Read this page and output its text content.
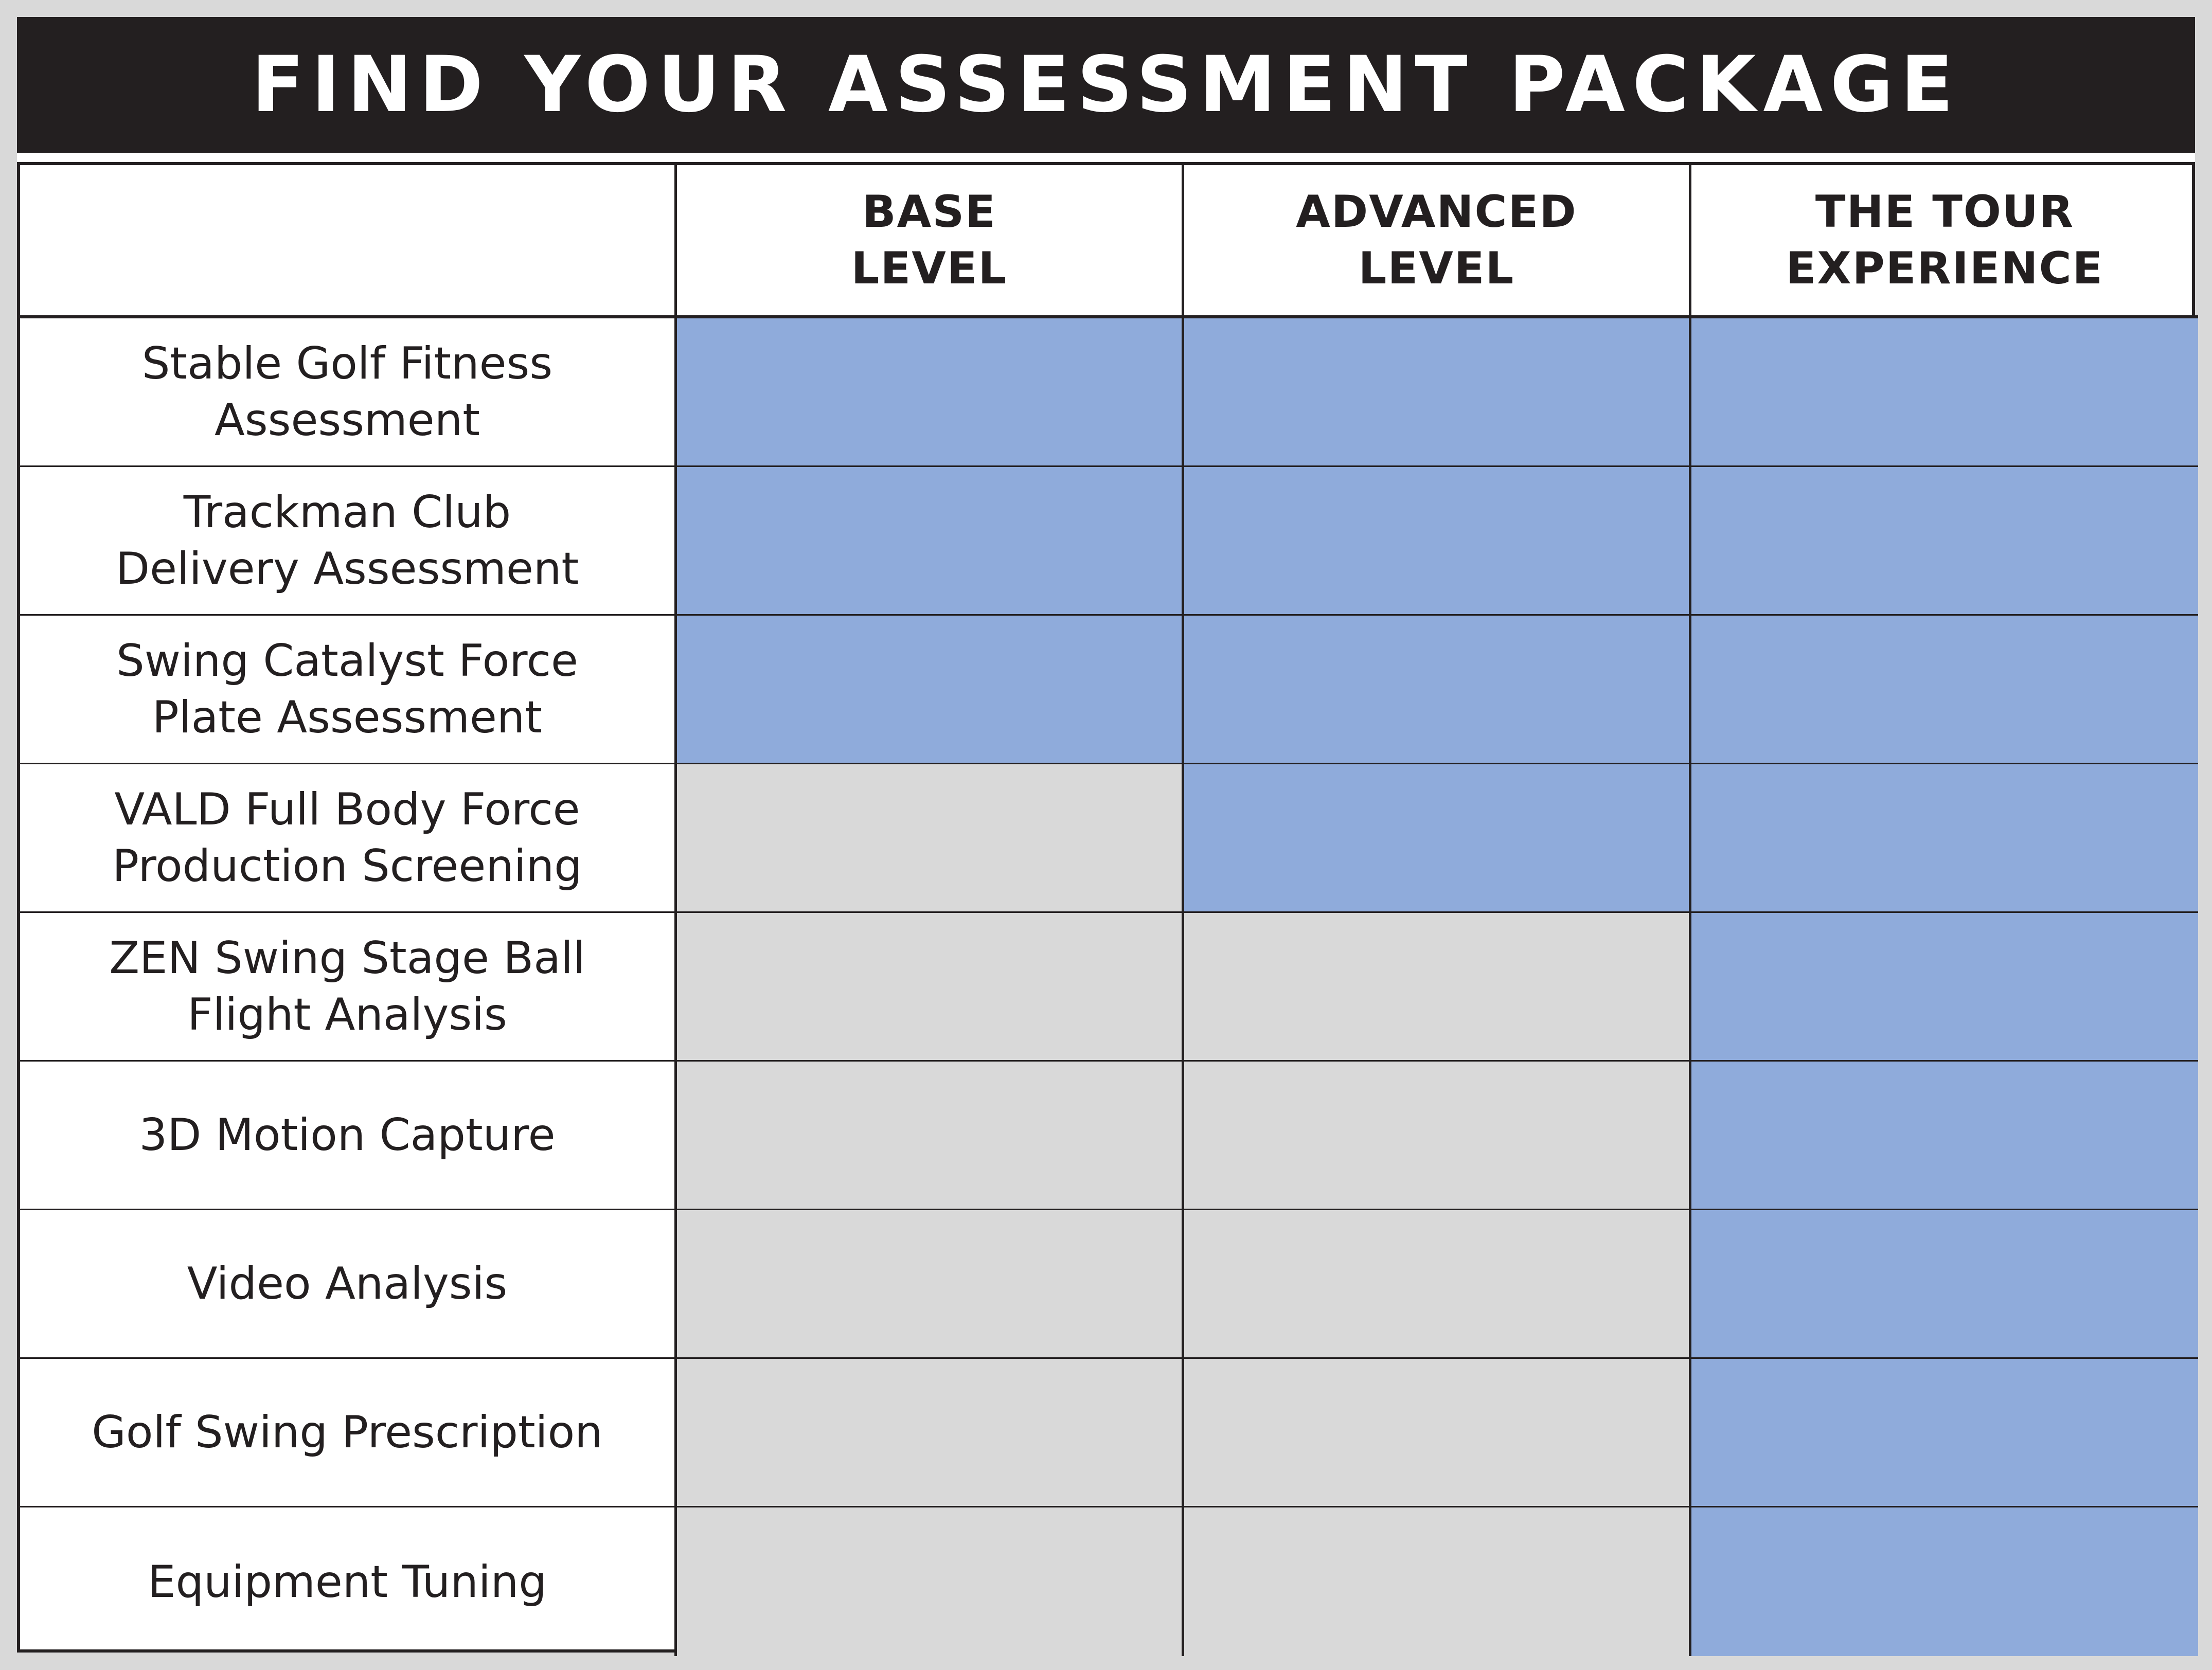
FIND YOUR ASSESSMENT PACKAGE
BASE
LEVEL
ADVANCED
LEVEL
THE TOUR
EXPERIENCE
Stable Golf Fitness
Assessment
Trackman Club
Delivery Assessment
Swing Catalyst Force
Plate Assessment
VALD Full Body Force
Production Screening
ZEN Swing Stage Ball
Flight Analysis
3D Motion Capture
Video Analysis
Golf Swing Prescription
Equipment Tuning
